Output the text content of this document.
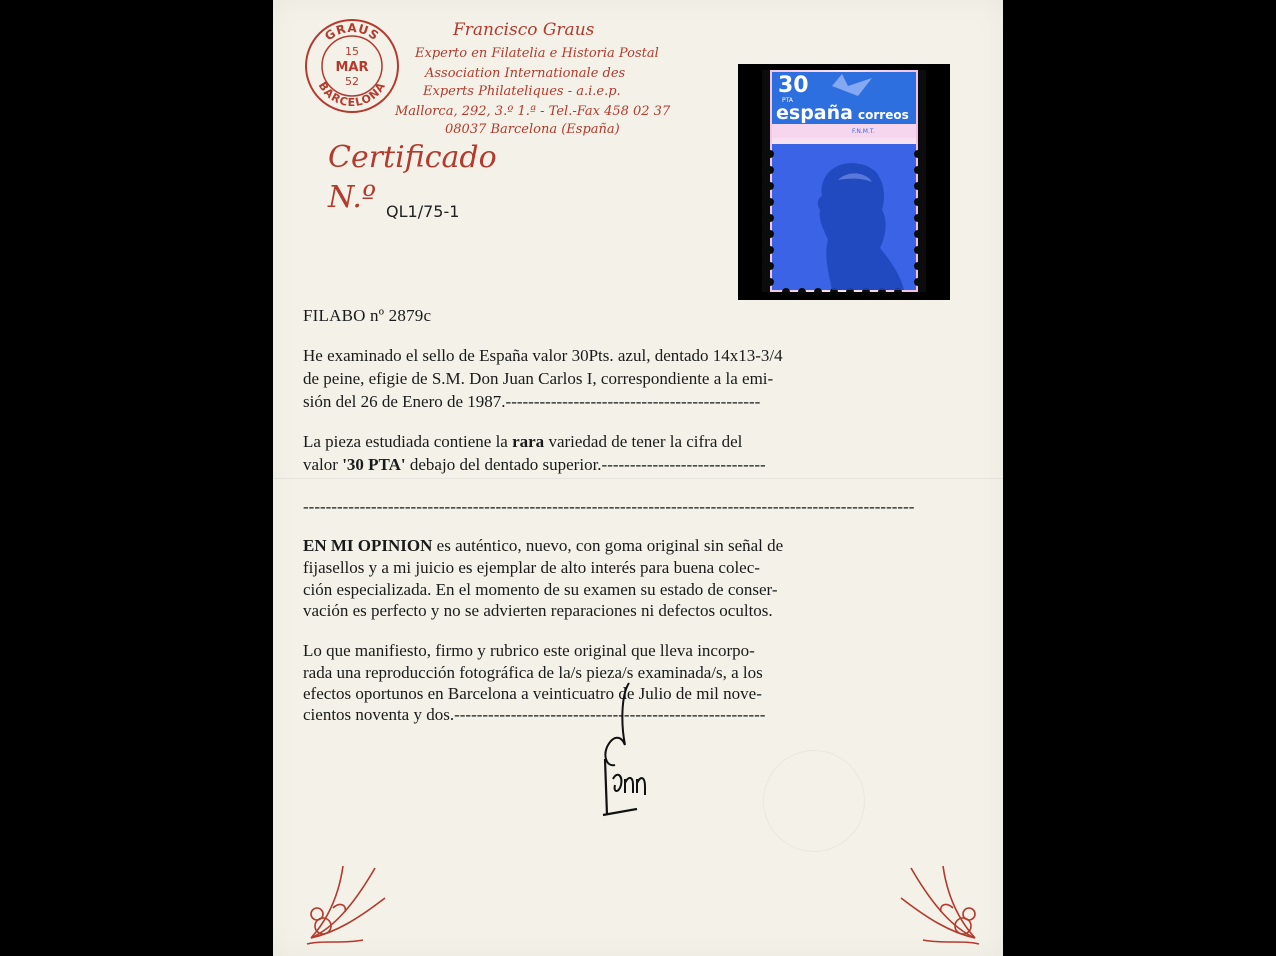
GRAUS
BARCELONA
15
MAR
52
Francisco Graus
Experto en Filatelia e Historia Postal
Association Internationale des
Experts Philateliques - a.i.e.p.
Mallorca, 292, 3.º 1.ª - Tel.-Fax 458 02 37
08037 Barcelona (España)
Certificado
N.º QL1/75-1
30
PTA
españa correos
F.N.M.T.
FILABO nº 2879c
He examinado el sello de España valor 30Pts. azul, dentado 14x13-3/4
de peine, efigie de S.M. Don Juan Carlos I, correspondiente a la emi-
sión del 26 de Enero de 1987.---------------------------------------------
La pieza estudiada contiene la rara variedad de tener la cifra del
valor '30 PTA' debajo del dentado superior.-----------------------------
------------------------------------------------------------------------------------------------------------
EN MI OPINION es auténtico, nuevo, con goma original sin señal de
fijasellos y a mi juicio es ejemplar de alto interés para buena colec-
ción especializada. En el momento de su examen su estado de conser-
vación es perfecto y no se advierten reparaciones ni defectos ocultos.
Lo que manifiesto, firmo y rubrico este original que lleva incorpo-
rada una reproducción fotográfica de la/s pieza/s examinada/s, a los
efectos oportunos en Barcelona a veinticuatro de Julio de mil nove-
cientos noventa y dos.-------------------------------------------------------
